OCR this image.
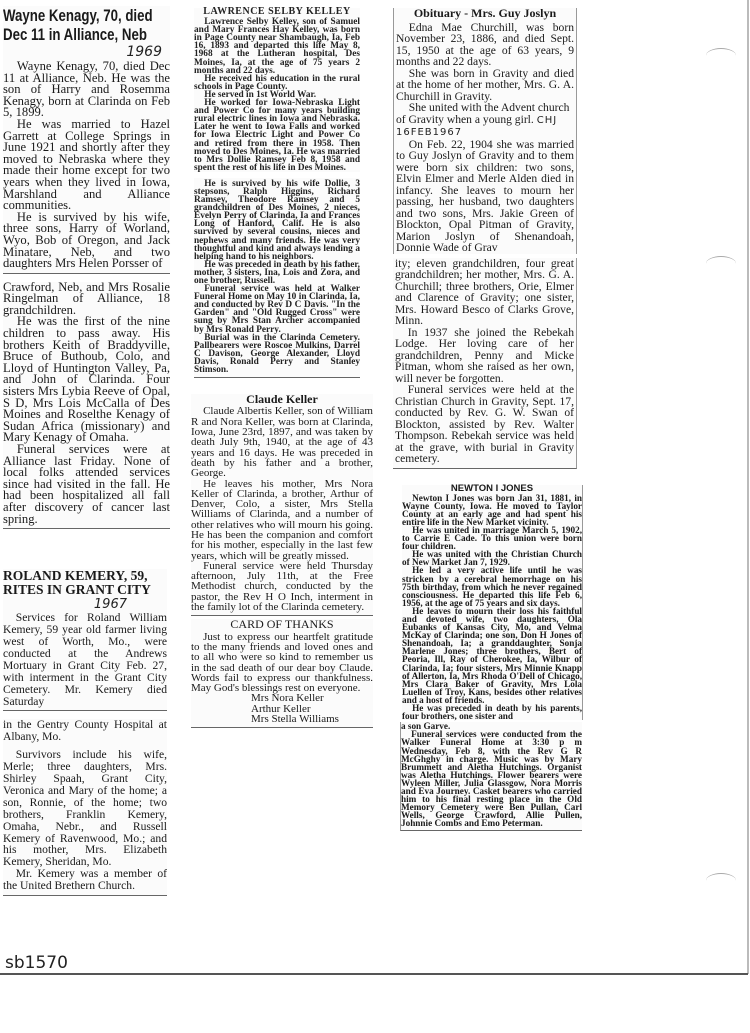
Wayne Kenagy, 70, died
Dec 11 in Alliance, Neb
1969

Wayne Kenagy, 70, died Dec 11 at Alliance, Neb. He was the son of Harry and Rosemma Kenagy, born at Clarinda on Feb 5, 1899.

He was married to Hazel Garrett at College Springs in June 1921 and shortly after they moved to Nebraska where they made their home except for two years when they lived in Iowa, Marshland and Alliance communities.

He is survived by his wife, three sons, Harry of Worland, Wyo, Bob of Oregon, and Jack Minatare, Neb, and two daughters Mrs Helen Porsser of

Crawford, Neb, and Mrs Rosalie Ringelman of Alliance, 18 grandchildren.

He was the first of the nine children to pass away. His brothers Keith of Braddyville, Bruce of Buthoub, Colo, and Lloyd of Huntington Valley, Pa, and John of Clarinda. Four sisters Mrs Lybia Reeve of Opal, S D, Mrs Lois McCalla of Des Moines and Roselthe Kenagy of Sudan Africa (missionary) and Mary Kenagy of Omaha.

Funeral services were at Alliance last Friday. None of local folks attended services since had visited in the fall. He had been hospitalized all fall after discovery of cancer last spring.

ROLAND KEMERY, 59,
RITES IN GRANT CITY
1967

Services for Roland William Kemery, 59 year old farmer living west of Worth, Mo., were conducted at the Andrews Mortuary in Grant City Feb. 27, with interment in the Grant City Cemetery. Mr. Kemery died Saturday

in the Gentry County Hospital at Albany, Mo.

Survivors include his wife, Merle; three daughters, Mrs. Shirley Spaah, Grant City, Veronica and Mary of the home; a son, Ronnie, of the home; two brothers, Franklin Kemery, Omaha, Nebr., and Russell Kemery of Ravenwood, Mo.; and his mother, Mrs. Elizabeth Kemery, Sheridan, Mo.

Mr. Kemery was a member of the United Brethern Church.

LAWRENCE SELBY KELLEY

Lawrence Selby Kelley, son of Samuel and Mary Frances Hay Kelley, was born in Page County near Shambaugh, Ia, Feb 16, 1893 and departed this life May 8, 1968 at the Lutheran hospital, Des Moines, Ia, at the age of 75 years 2 months and 22 days.

He received his education in the rural schools in Page County.

He served in 1st World War.

He worked for Iowa-Nebraska Light and Power Co for many years building rural electric lines in Iowa and Nebraska. Later he went to Iowa Falls and worked for Iowa Electric Light and Power Co and retired from there in 1958. Then moved to Des Moines, Ia. He was married to Mrs Dollie Ramsey Feb 8, 1958 and spent the rest of his life in Des Moines.

He is survived by his wife Dollie, 3 stepsons, Ralph Higgins, Richard Ramsey, Theodore Ramsey and 5 grandchildren of Des Moines, 2 nieces, Evelyn Perry of Clarinda, Ia and Frances Long of Hanford, Calif. He is also survived by several cousins, nieces and nephews and many friends. He was very thoughtful and kind and always lending a helping hand to his neighbors.

He was preceded in death by his father, mother, 3 sisters, Ina, Lois and Zora, and one brother, Russell.

Funeral service was held at Walker Funeral Home on May 10 in Clarinda, Ia, and conducted by Rev D C Davis. "In the Garden" and "Old Rugged Cross" were sung by Mrs Stan Archer accompanied by Mrs Ronald Perry.

Burial was in the Clarinda Cemetery. Pallbearers were Roscoe Mulkins, Darrel C Davison, George Alexander, Lloyd Davis, Ronald Perry and Stanley Stimson.

Claude Keller

Claude Albertis Keller, son of William R and Nora Keller, was born at Clarinda, Iowa, June 23rd, 1897, and was taken by death July 9th, 1940, at the age of 43 years and 16 days. He was preceded in death by his father and a brother, George.

He leaves his mother, Mrs Nora Keller of Clarinda, a brother, Arthur of Denver, Colo, a sister, Mrs Stella Williams of Clarinda, and a number of other relatives who will mourn his going. He has been the companion and comfort for his mother, especially in the last few years, which will be greatly missed.

Funeral service were held Thursday afternoon, July 11th, at the Free Methodist church, conducted by the pastor, the Rev H O Inch, interment in the family lot of the Clarinda cemetery.

CARD OF THANKS

Just to express our heartfelt gratitude to the many friends and loved ones and to all who were so kind to remember us in the sad death of our dear boy Claude. Words fail to express our thankfulness. May God's blessings rest on everyone.

Mrs Nora Keller

Arthur Keller

Mrs Stella Williams

Obituary - Mrs. Guy Joslyn

Edna Mae Churchill, was born November 23, 1886, and died Sept. 15, 1950 at the age of 63 years, 9 months and 22 days.

She was born in Gravity and died at the home of her mother, Mrs. G. A. Churchill in Gravity.

She united with the Advent church of Gravity when a young girl. CHJ 16FEB1967

On Feb. 22, 1904 she was married to Guy Joslyn of Gravity and to them were born six children: two sons, Elvin Elmer and Merle Alden died in infancy. She leaves to mourn her passing, her husband, two daughters and two sons, Mrs. Jakie Green of Blockton, Opal Pitman of Gravity, Marion Joslyn of Shenandoah, Donnie Wade of Grav

ity; eleven grandchildren, four great grandchildren; her mother, Mrs. G. A. Churchill; three brothers, Orie, Elmer and Clarence of Gravity; one sister, Mrs. Howard Besco of Clarks Grove, Minn.

In 1937 she joined the Rebekah Lodge. Her loving care of her grandchildren, Penny and Micke Pitman, whom she raised as her own, will never be forgotten.

Funeral services were held at the Christian Church in Gravity, Sept. 17, conducted by Rev. G. W. Swan of Blockton, assisted by Rev. Walter Thompson. Rebekah service was held at the grave, with burial in Gravity cemetery.

NEWTON I JONES

Newton I Jones was born Jan 31, 1881, in Wayne County, Iowa. He moved to Taylor County at an early age and had spent his entire life in the New Market vicinity.

He was united in marriage March 5, 1902, to Carrie E Cade. To this union were born four children.

He was united with the Christian Church of New Market Jan 7, 1929.

He led a very active life until he was stricken by a cerebral hemorrhage on his 75th birthday, from which he never regained consciousness. He departed this life Feb 6, 1956, at the age of 75 years and six days.

He leaves to mourn their loss his faithful and devoted wife, two daughters, Ola Eubanks of Kansas City, Mo, and Velma McKay of Clarinda; one son, Don H Jones of Shenandoah, Ia; a granddaughter, Sonja Marlene Jones; three brothers, Bert of Peoria, Ill, Ray of Cherokee, Ia, Wilbur of Clarinda, Ia; four sisters, Mrs Minnie Knapp of Allerton, Ia, Mrs Rhoda O'Dell of Chicago, Mrs Clara Baker of Gravity, Mrs Lola Luellen of Troy, Kans, besides other relatives and a host of friends.

He was preceded in death by his parents, four brothers, one sister and

a son Garve.

Funeral services were conducted from the Walker Funeral Home at 3:30 p m Wednesday, Feb 8, with the Rev G R McGhghy in charge. Music was by Mary Brummett and Aletha Hutchings. Organist was Aletha Hutchings. Flower bearers were Wyleen Miller, Julia Glassgow, Nora Morris and Eva Journey. Casket bearers who carried him to his final resting place in the Old Memory Cemetery were Ben Pullan, Carl Wells, George Crawford, Allie Pullen, Johnnie Combs and Emo Peterman.

sb1570
